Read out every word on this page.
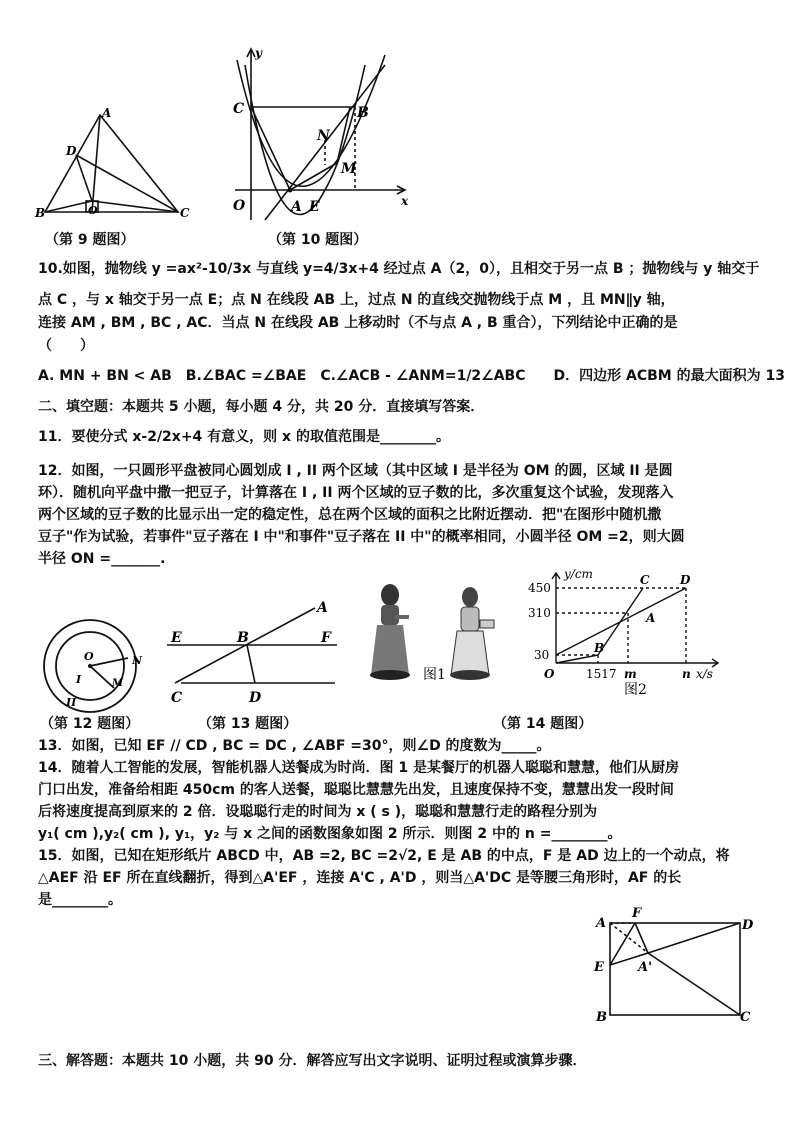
A
D
B	C
O
（第 9 题图）
y
x
C	B
N
M
O	A E
（第 10 题图）
10.如图，抛物线 y =ax²-10/3x 与直线 y=4/3x+4 经过点 A（2，0），且相交于另一点 B ；抛物线与 y 轴交于
点 C ，与 x 轴交于另一点 E；点 N 在线段 AB 上，过点 N 的直线交抛物线于点 M ，且 MN∥y 轴，
连接 AM , BM , BC , AC．当点 N 在线段 AB 上移动时（不与点 A , B 重合），下列结论中正确的是
（　　）
A. MN + BN < AB　B.∠BAC =∠BAE　C.∠ACB - ∠ANM=1/2∠ABC　　D．四边形 ACBM 的最大面积为 13
二、填空题：本题共 5 小题，每小题 4 分，共 20 分．直接填写答案．
11．要使分式 x-2/2x+4 有意义，则 x 的取值范围是________。
12．如图，一只圆形平盘被同心圆划成 I , II 两个区域（其中区域 I 是半径为 OM 的圆，区域 II 是圆
环）．随机向平盘中撒一把豆子，计算落在 I , II 两个区域的豆子数的比，多次重复这个试验，发现落入
两个区域的豆子数的比显示出一定的稳定性，总在两个区域的面积之比附近摆动．把"在图形中随机撒
豆子"作为试验，若事件"豆子落在 I 中"和事件"豆子落在 II 中"的概率相同，小圆半径 OM =2，则大圆
半径 ON =_______.
O	N
M
I
II
（第 12 题图）
A
B
E	F
C	D
（第 13 题图）
图1
y/cm
450
310
30
C	D
A
B
O	1517 m	n x/s
图2
（第 14 题图）
13．如图，已知 EF // CD , BC = DC , ∠ABF =30°，则∠D 的度数为_____。
14．随着人工智能的发展，智能机器人送餐成为时尚．图 1 是某餐厅的机器人聪聪和慧慧，他们从厨房
门口出发，准备给相距 450cm 的客人送餐，聪聪比慧慧先出发，且速度保持不变，慧慧出发一段时间
后将速度提高到原来的 2 倍．设聪聪行走的时间为 x ( s )，聪聪和慧慧行走的路程分别为
y₁( cm ),y₂( cm ), y₁，y₂ 与 x 之间的函数图象如图 2 所示．则图 2 中的 n =________。
15．如图，已知在矩形纸片 ABCD 中，AB =2, BC =2√2, E 是 AB 的中点，F 是 AD 边上的一个动点，将
△AEF 沿 EF 所在直线翻折，得到△A'EF ，连接 A'C , A'D ，则当△A'DC 是等腰三角形时，AF 的长
是________。
A
F
D
E	A'
B	C
三、解答题：本题共 10 小题，共 90 分．解答应写出文字说明、证明过程或演算步骤．
